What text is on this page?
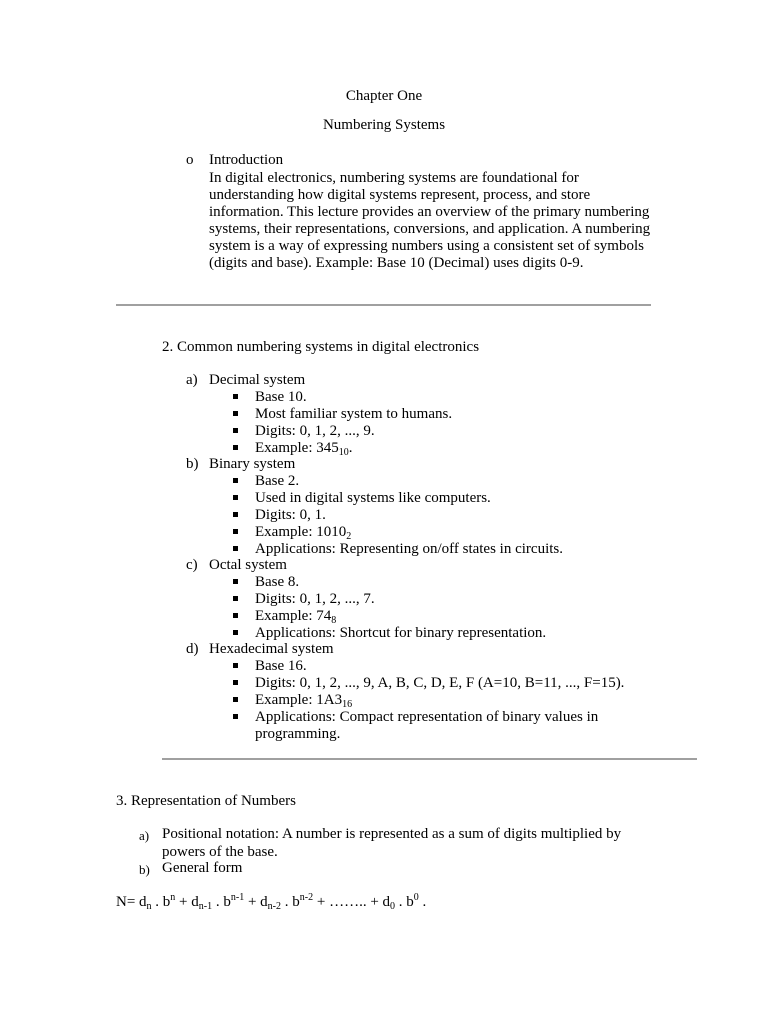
Chapter One
Numbering Systems
o Introduction
In digital electronics, numbering systems are foundational for understanding how digital systems represent, process, and store information. This lecture provides an overview of the primary numbering systems, their representations, conversions, and application. A numbering system is a way of expressing numbers using a consistent set of symbols (digits and base). Example: Base 10 (Decimal) uses digits 0-9.
2. Common numbering systems in digital electronics
a) Decimal system
Base 10.
Most familiar system to humans.
Digits: 0, 1, 2, ..., 9.
Example: $345_{10}$.
b) Binary system
Base 2.
Used in digital systems like computers.
Digits: 0, 1.
Example: $1010_2$
Applications: Representing on/off states in circuits.
c) Octal system
Base 8.
Digits: 0, 1, 2, ..., 7.
Example: $74_8$
Applications: Shortcut for binary representation.
d) Hexadecimal system
Base 16.
Digits: 0, 1, 2, ..., 9, A, B, C, D, E, F (A=10, B=11, ..., F=15).
Example: $1A3_{16}$
Applications: Compact representation of binary values in
programming.
3. Representation of Numbers
a) Positional notation: A number is represented as a sum of digits multiplied by
powers of the base.
b) General form
$N= d_n$ . $b^n + d_{n-1}$ . $b^{n-1} + d_{n-2}$ . $b^{n-2}$ + …….. + $d_0$ . $b^0$ .
